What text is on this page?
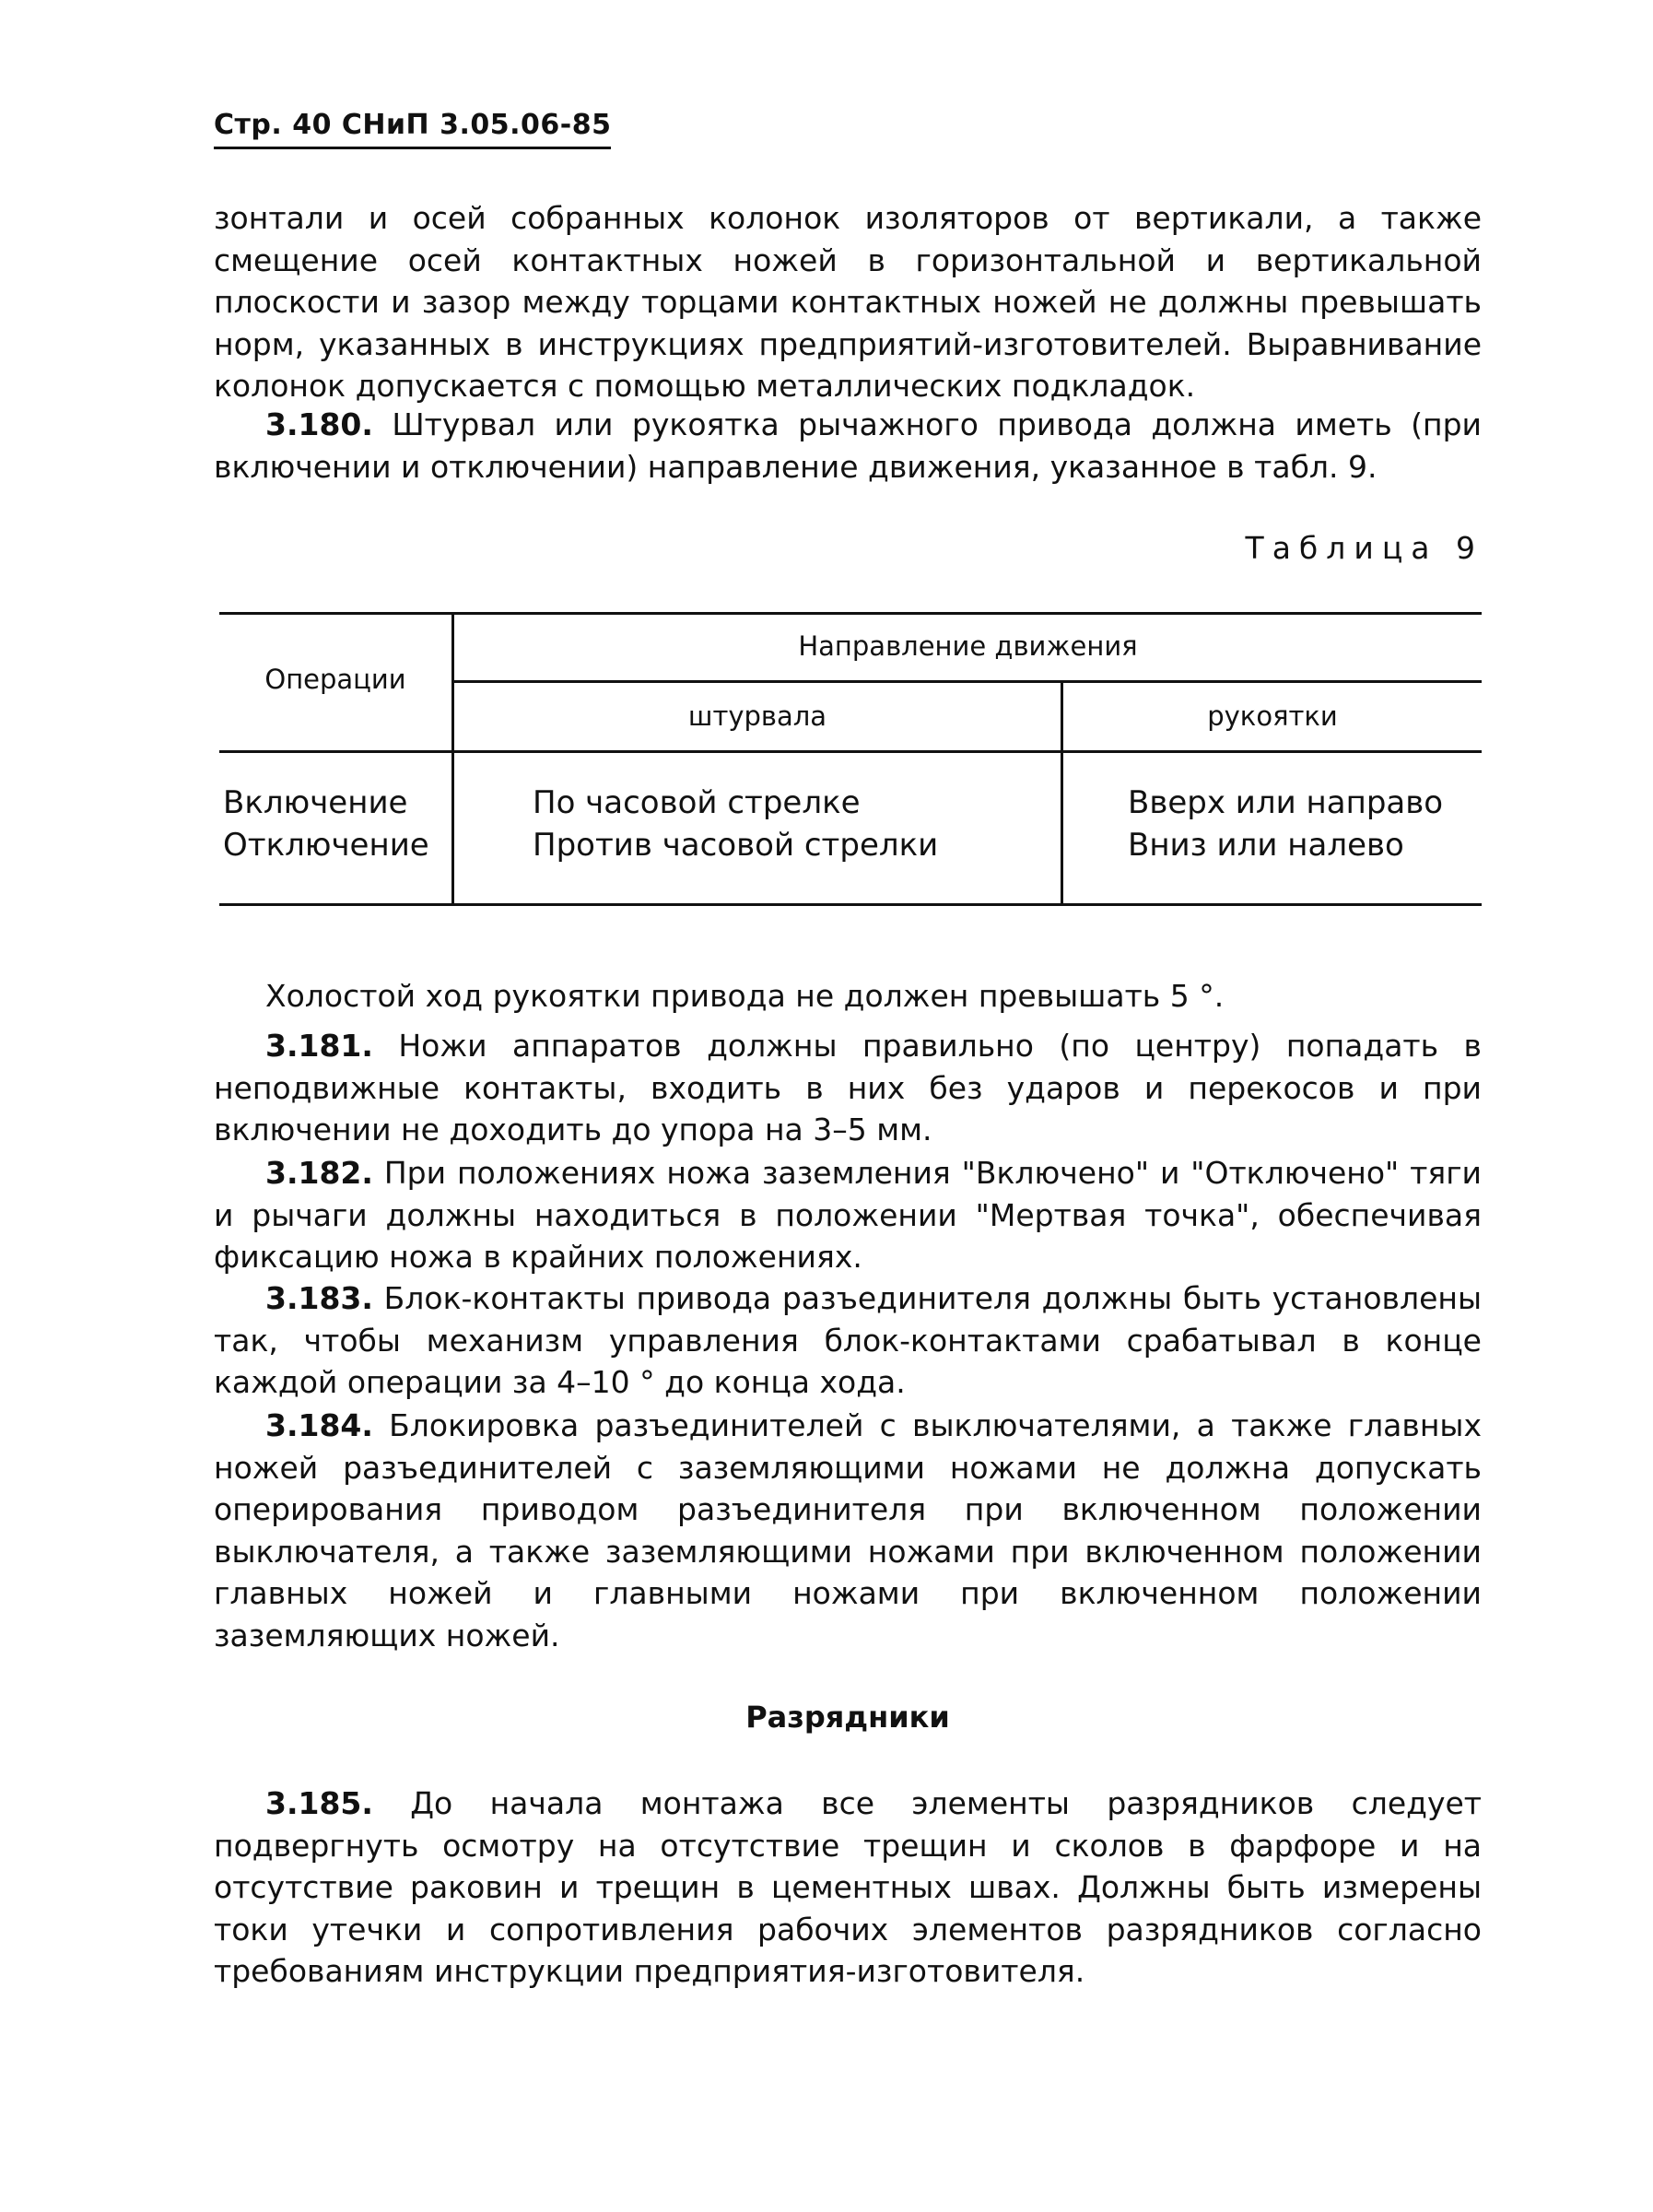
Стр. 40 СНиП 3.05.06-85

зонтали и осей собранных колонок изоляторов от вертикали, а также смещение осей контактных ножей в горизонтальной и вертикальной плоскости и зазор между торцами контактных ножей не должны превышать норм, указанных в инструкциях предприятий-изготовителей. Выравнивание колонок допускается с помощью металлических подкладок.

3.180. Штурвал или рукоятка рычажного привода должна иметь (при включении и отключении) направление движения, указанное в табл. 9.

Таблица 9
Операции
Направление движения
штурвала	рукоятки
Включение	По часовой стрелке	Вверх или направо
Отключение	Против часовой стрелки	Вниз или налево

Холостой ход рукоятки привода не должен превышать 5 °.

3.181. Ножи аппаратов должны правильно (по центру) попадать в неподвижные контакты, входить в них без ударов и перекосов и при включении не доходить до упора на 3–5 мм.

3.182. При положениях ножа заземления "Включено" и "Отключено" тяги и рычаги должны находиться в положении "Мертвая точка", обеспечивая фиксацию ножа в крайних положениях.

3.183. Блок-контакты привода разъединителя должны быть установлены так, чтобы механизм управления блок-контактами срабатывал в конце каждой операции за 4–10 ° до конца хода.

3.184. Блокировка разъединителей с выключателями, а также главных ножей разъединителей с заземляющими ножами не должна допускать оперирования приводом разъединителя при включенном положении выключателя, а также заземляющими ножами при включенном положении главных ножей и главными ножами при включенном положении заземляющих ножей.

Разрядники

3.185. До начала монтажа все элементы разрядников следует подвергнуть осмотру на отсутствие трещин и сколов в фарфоре и на отсутствие раковин и трещин в цементных швах. Должны быть измерены токи утечки и сопротивления рабочих элементов разрядников согласно требованиям инструкции предприятия-изготовителя.
